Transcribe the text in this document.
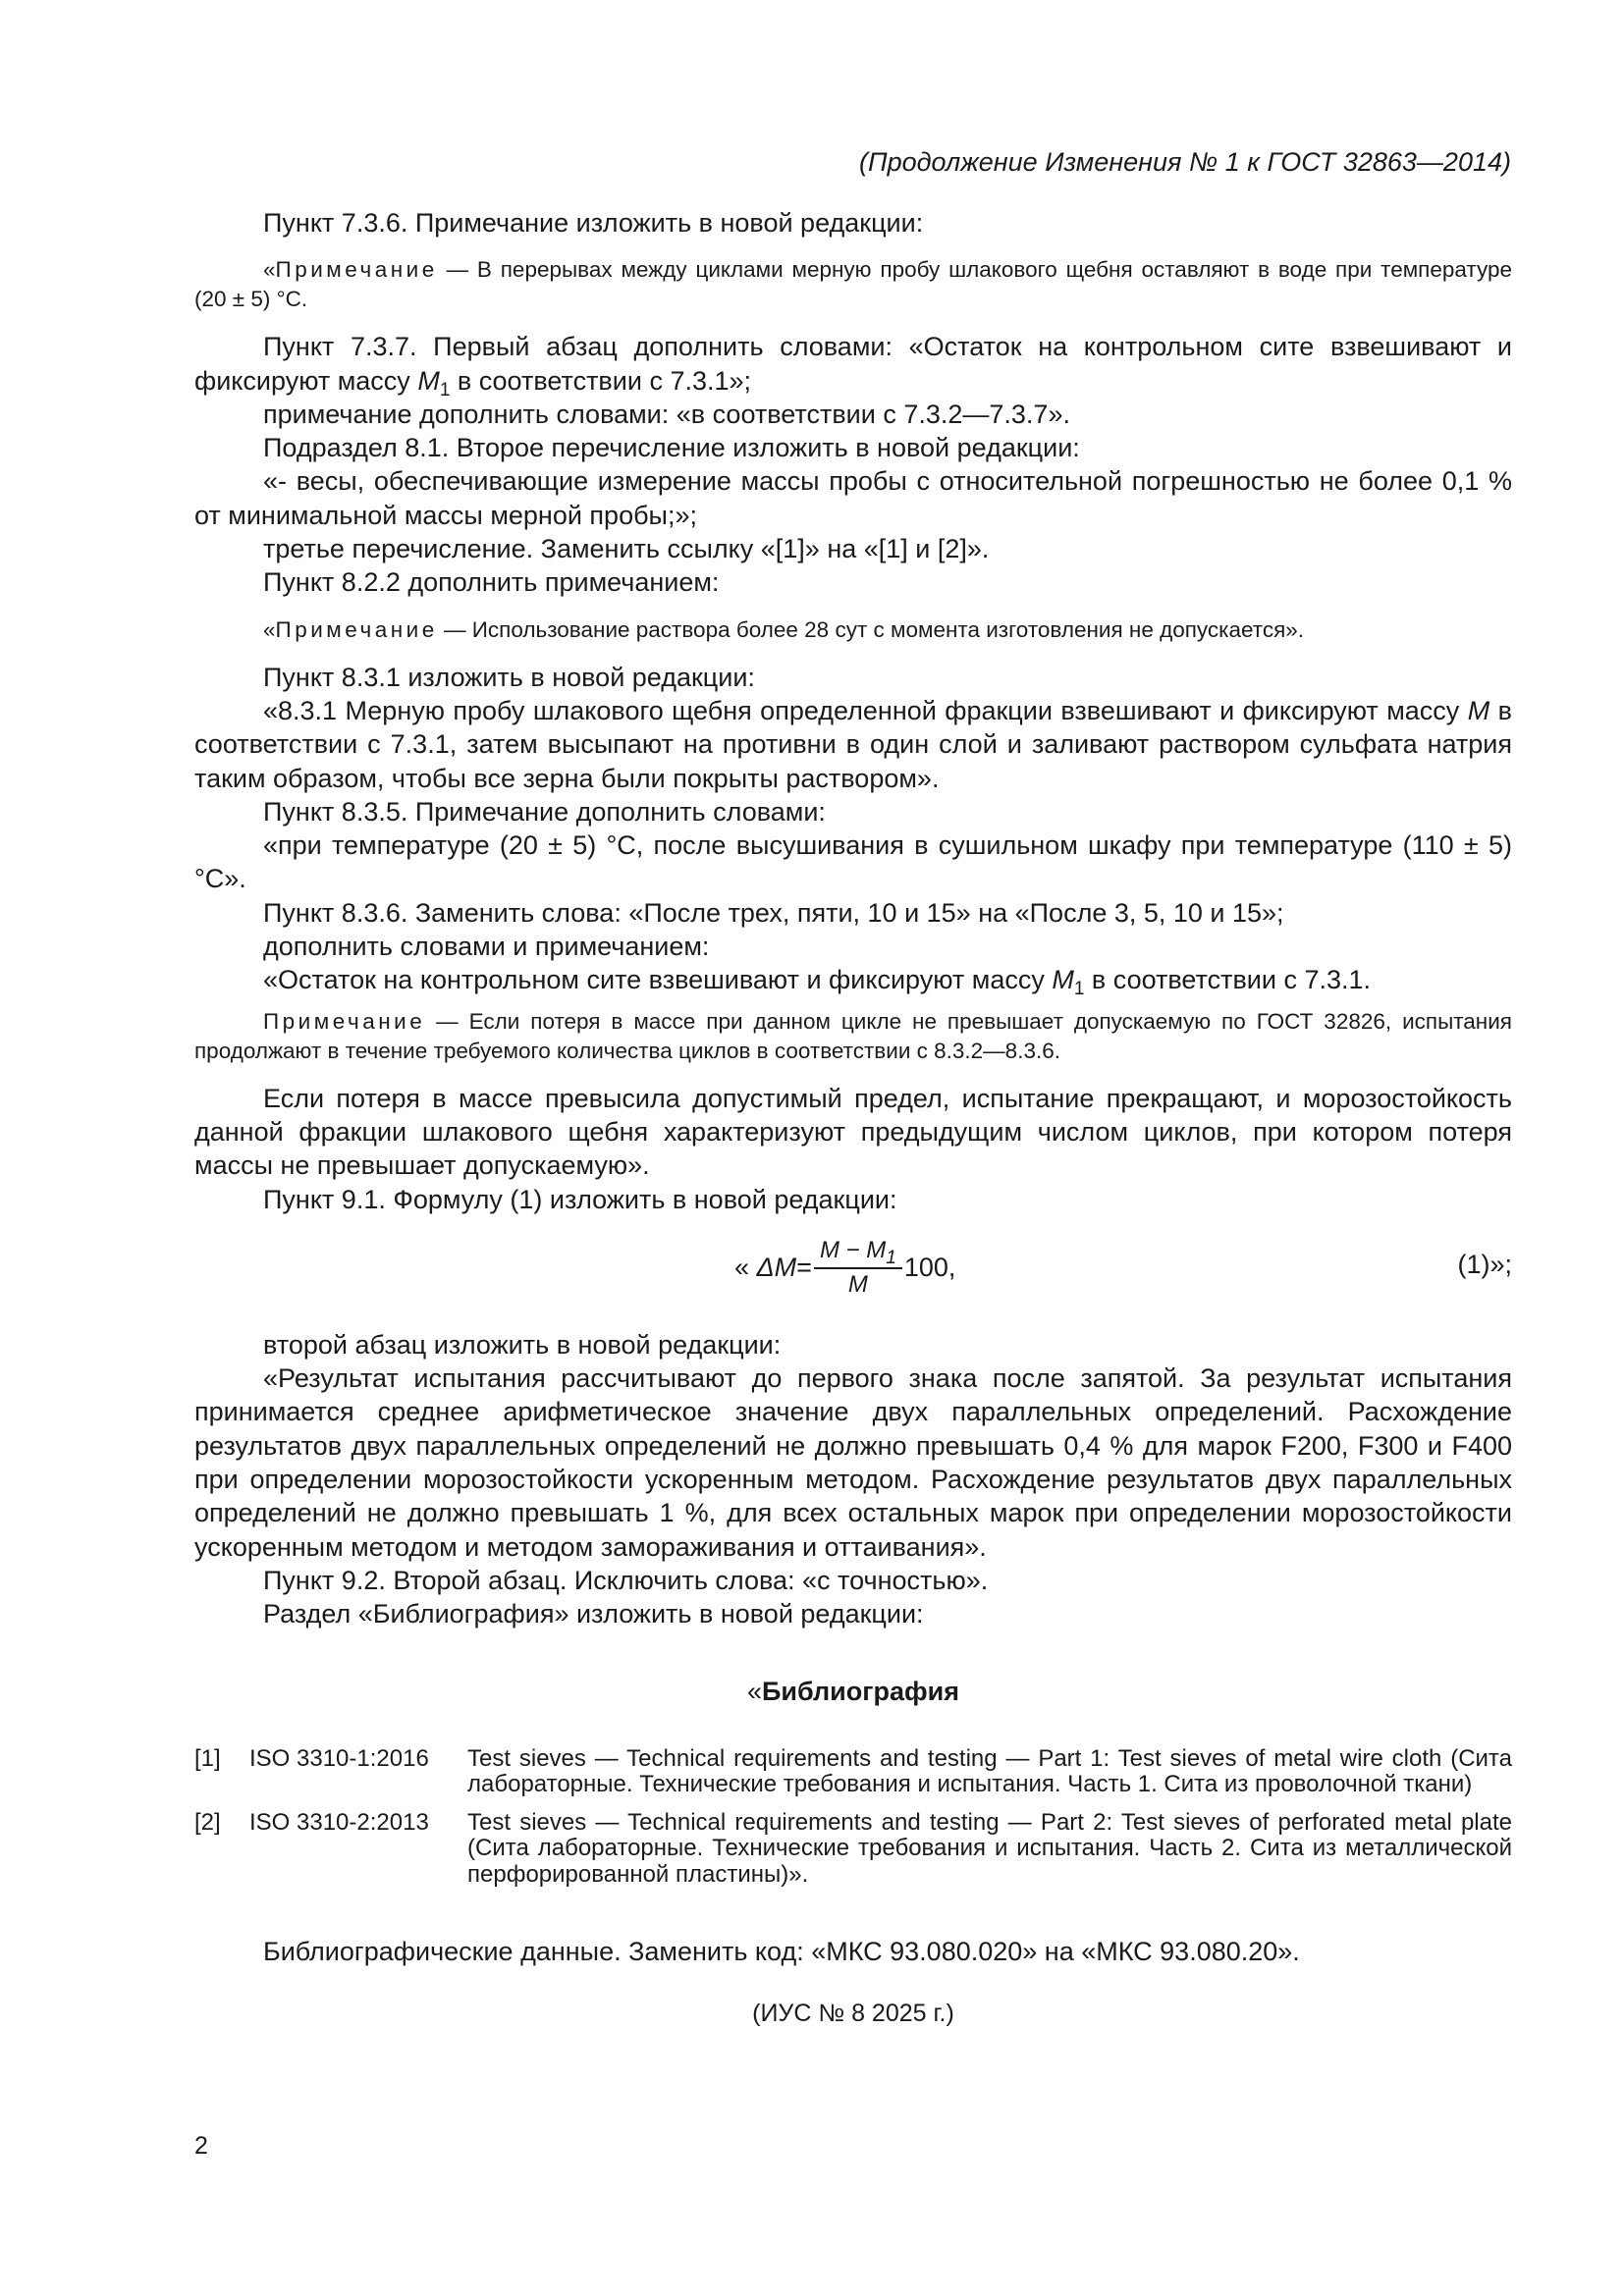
(Продолжение Изменения № 1 к ГОСТ 32863—2014)

Пункт 7.3.6. Примечание изложить в новой редакции:

«Примечание — В перерывах между циклами мерную пробу шлакового щебня оставляют в воде при температуре (20 ± 5) °С.

Пункт 7.3.7. Первый абзац дополнить словами: «Остаток на контрольном сите взвешивают и фиксируют массу $M_1$ в соответствии с 7.3.1»;

примечание дополнить словами: «в соответствии с 7.3.2—7.3.7».

Подраздел 8.1. Второе перечисление изложить в новой редакции:

«- весы, обеспечивающие измерение массы пробы с относительной погрешностью не более 0,1 % от минимальной массы мерной пробы;»;

третье перечисление. Заменить ссылку «[1]» на «[1] и [2]».

Пункт 8.2.2 дополнить примечанием:

«Примечание — Использование раствора более 28 сут с момента изготовления не допускается».

Пункт 8.3.1 изложить в новой редакции:

«8.3.1 Мерную пробу шлакового щебня определенной фракции взвешивают и фиксируют массу M в соответствии с 7.3.1, затем высыпают на противни в один слой и заливают раствором сульфата натрия таким образом, чтобы все зерна были покрыты раствором».

Пункт 8.3.5. Примечание дополнить словами:

«при температуре (20 ± 5) °С, после высушивания в сушильном шкафу при температуре (110 ± 5) °С».

Пункт 8.3.6. Заменить слова: «После трех, пяти, 10 и 15» на «После 3, 5, 10 и 15»;

дополнить словами и примечанием:

«Остаток на контрольном сите взвешивают и фиксируют массу $M_1$ в соответствии с 7.3.1.

Примечание — Если потеря в массе при данном цикле не превышает допускаемую по ГОСТ 32826, испытания продолжают в течение требуемого количества циклов в соответствии с 8.3.2—8.3.6.

Если потеря в массе превысила допустимый предел, испытание прекращают, и морозостойкость данной фракции шлакового щебня характеризуют предыдущим числом циклов, при котором потеря массы не превышает допускаемую».

Пункт 9.1. Формулу (1) изложить в новой редакции:

«
$\Delta M = \frac{M - M_1}{M} 100$,	(1)»;

второй абзац изложить в новой редакции:

«Результат испытания рассчитывают до первого знака после запятой. За результат испытания принимается среднее арифметическое значение двух параллельных определений. Расхождение результатов двух параллельных определений не должно превышать 0,4 % для марок F200, F300 и F400 при определении морозостойкости ускоренным методом. Расхождение результатов двух параллельных определений не должно превышать 1 %, для всех остальных марок при определении морозостойкости ускоренным методом и методом замораживания и оттаивания».

Пункт 9.2. Второй абзац. Исключить слова: «с точностью».

Раздел «Библиография» изложить в новой редакции:

«Библиография
[1]	ISO 3310-1:2016	Test sieves — Technical requirements and testing — Part 1: Test sieves of metal wire cloth (Сита лабораторные. Технические требования и испытания. Часть 1. Сита из проволочной ткани)
[2]	ISO 3310-2:2013	Test sieves — Technical requirements and testing — Part 2: Test sieves of perforated metal plate (Сита лабораторные. Технические требования и испытания. Часть 2. Сита из металлической перфорированной пластины)».

Библиографические данные. Заменить код: «МКС 93.080.020» на «МКС 93.080.20».

(ИУС № 8 2025 г.)
2
